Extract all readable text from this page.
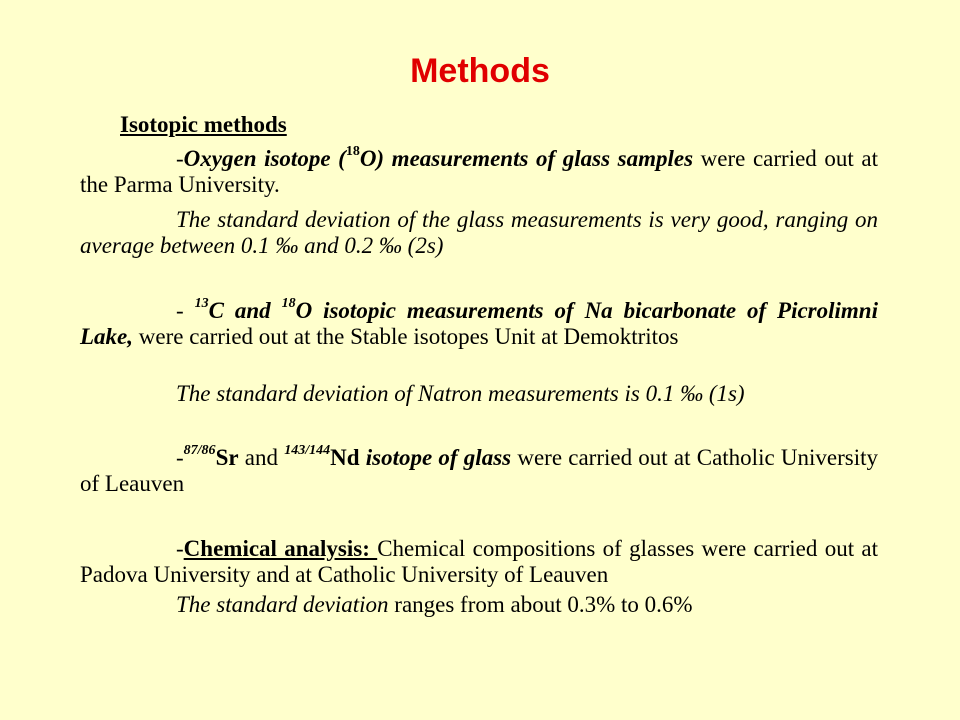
Methods
Isotopic methods
-Oxygen isotope ($^{18}$O) measurements of glass samples were carried out at the Parma University.
The standard deviation of the glass measurements is very good, ranging on average between 0.1 ‰ and 0.2 ‰ (2s)
- $^{13}$C and $^{18}$O isotopic measurements of Na bicarbonate of Picrolimni Lake, were carried out at the Stable isotopes Unit at Demoktritos
The standard deviation of Natron measurements is 0.1 ‰ (1s)
-$^{87/86}$Sr and $^{143/144}$Nd isotope of glass were carried out at Catholic University of Leauven
-Chemical analysis: Chemical compositions of glasses were carried out at Padova University and at Catholic University of Leauven
The standard deviation ranges from about 0.3% to 0.6%
